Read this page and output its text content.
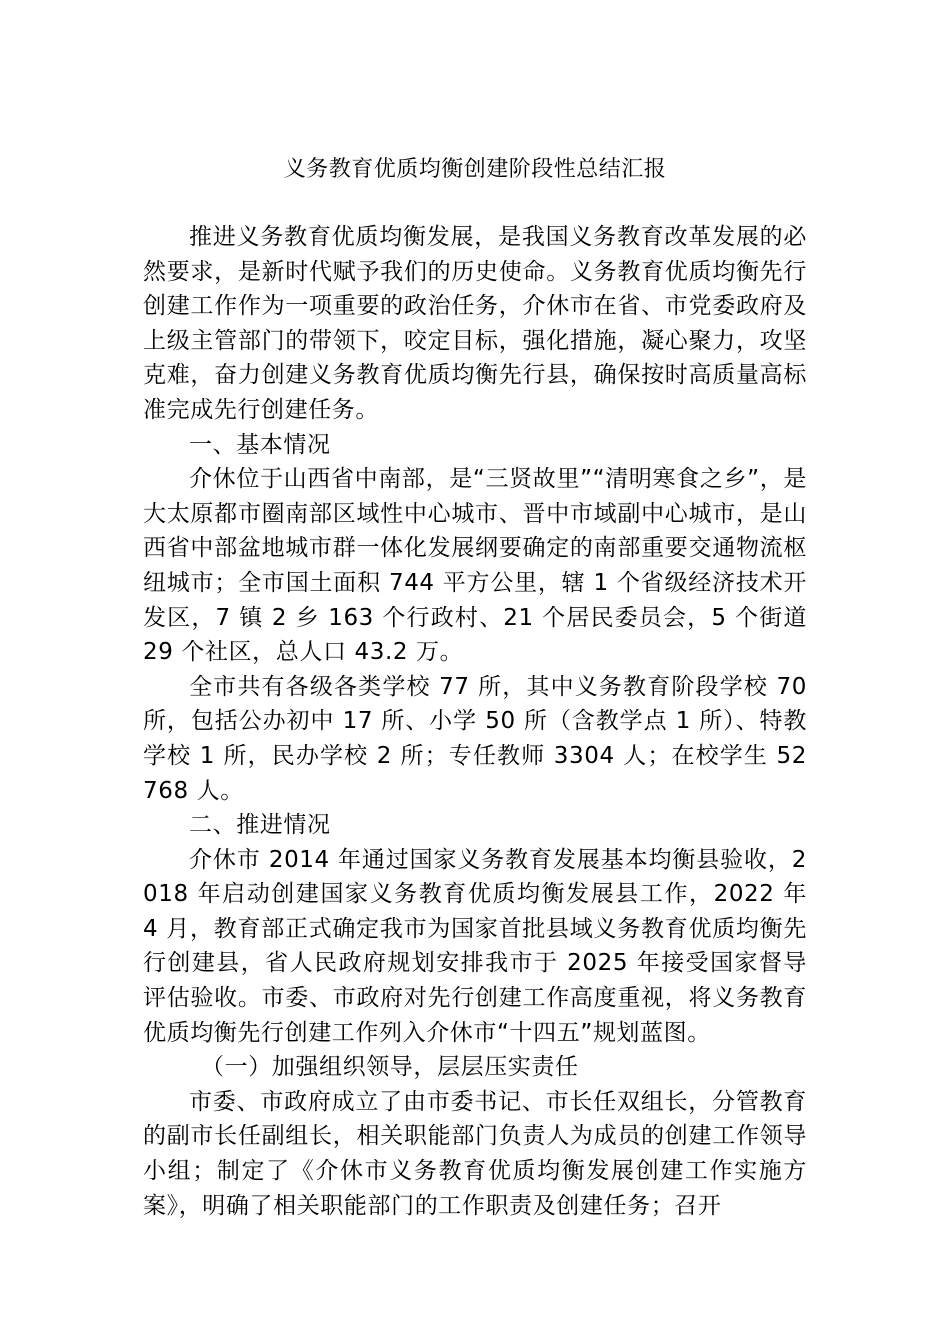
义务教育优质均衡创建阶段性总结汇报

推进义务教育优质均衡发展，是我国义务教育改革发展的必然要求，是新时代赋予我们的历史使命。义务教育优质均衡先行创建工作作为一项重要的政治任务，介休市在省、市党委政府及上级主管部门的带领下，咬定目标，强化措施，凝心聚力，攻坚克难，奋力创建义务教育优质均衡先行县，确保按时高质量高标准完成先行创建任务。

一、基本情况

介休位于山西省中南部，是“三贤故里”“清明寒食之乡”，是大太原都市圈南部区域性中心城市、晋中市域副中心城市，是山西省中部盆地城市群一体化发展纲要确定的南部重要交通物流枢纽城市；全市国土面积 744 平方公里，辖 1 个省级经济技术开发区，7 镇 2 乡 163 个行政村、21 个居民委员会，5 个街道 29 个社区，总人口 43.2 万。

全市共有各级各类学校 77 所，其中义务教育阶段学校 70 所，包括公办初中 17 所、小学 50 所（含教学点 1 所）、特教学校 1 所，民办学校 2 所；专任教师 3304 人；在校学生 52768 人。

二、推进情况

介休市 2014 年通过国家义务教育发展基本均衡县验收，2018 年启动创建国家义务教育优质均衡发展县工作，2022 年 4 月，教育部正式确定我市为国家首批县域义务教育优质均衡先行创建县，省人民政府规划安排我市于 2025 年接受国家督导评估验收。市委、市政府对先行创建工作高度重视，将义务教育优质均衡先行创建工作列入介休市“十四五”规划蓝图。

（一）加强组织领导，层层压实责任

市委、市政府成立了由市委书记、市长任双组长，分管教育的副市长任副组长，相关职能部门负责人为成员的创建工作领导小组；制定了《介休市义务教育优质均衡发展创建工作实施方案》，明确了相关职能部门的工作职责及创建任务；召开
